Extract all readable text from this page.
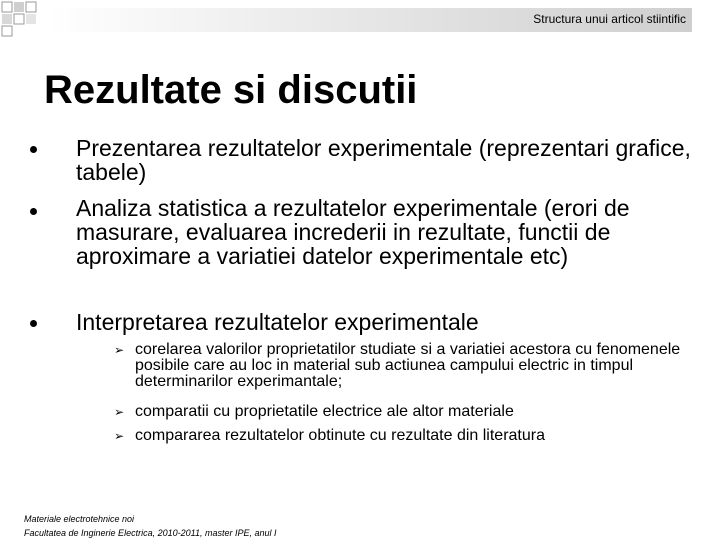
Structura unui articol stiintific
Rezultate si discutii
Prezentarea rezultatelor experimentale (reprezentari grafice, tabele)
Analiza statistica a rezultatelor experimentale (erori de masurare, evaluarea increderii in rezultate, functii de aproximare a variatiei datelor experimentale etc)
Interpretarea rezultatelor experimentale
➢ corelarea valorilor proprietatilor studiate si a variatiei acestora cu fenomenele posibile care au loc in material sub actiunea campului electric in timpul determinarilor experimantale;
➢ comparatii cu proprietatile electrice ale altor materiale
➢ compararea rezultatelor obtinute cu rezultate din literatura
Materiale electrotehnice noi
Facultatea de Inginerie Electrica, 2010-2011, master IPE, anul I
